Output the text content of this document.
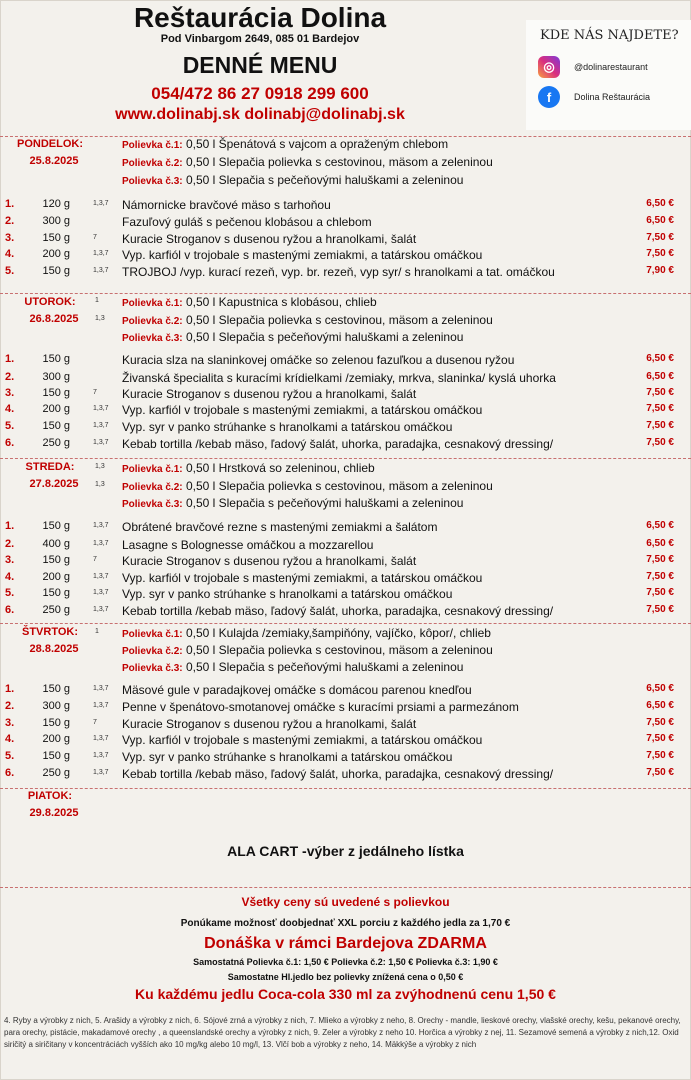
Reštaurácia Dolina
Pod Vinbargom 2649, 085 01 Bardejov
DENNÉ MENU
054/472 86 27 0918 299 600
www.dolinabj.sk dolinabj@dolinabj.sk
KDE NÁS NAJDETE?
◎	@dolinarestaurant
f	Dolina Reštaurácia
PONDELOK:
25.8.2025
Polievka č.1: 0,50 l Špenátová s vajcom a opraženým chlebom
Polievka č.2: 0,50 l Slepačia polievka s cestovinou, mäsom a zeleninou
Polievka č.3: 0,50 l Slepačia s pečeňovými haluškami a zeleninou
1.	120 g	1,3,7 Námornicke bravčové mäso s tarhoňou	6,50 €
2.	300 g	Fazuľový guláš s pečenou klobásou a chlebom	6,50 €
3.	150 g	7 Kuracie Stroganov s dusenou ryžou a hranolkami, šalát	7,50 €
4.	200 g	1,3,7 Vyp. karfiól v trojobale s mastenými zemiakmi, a tatárskou omáčkou	7,50 €
5.	150 g	1,3,7 TROJBOJ /vyp. kurací rezeň, vyp. br. rezeň, vyp syr/ s hranolkami a tat. omáčkou	7,90 €
UTOROK:
26.8.2025
1 Polievka č.1: 0,50 l Kapustnica s klobásou, chlieb
1,3 Polievka č.2: 0,50 l Slepačia polievka s cestovinou, mäsom a zeleninou
Polievka č.3: 0,50 l Slepačia s pečeňovými haluškami a zeleninou
1.	150 g	Kuracia slza na slaninkovej omáčke so zelenou fazuľkou a dusenou ryžou	6,50 €
2.	300 g	Živanská špecialita s kuracími krídielkami /zemiaky, mrkva, slaninka/ kyslá uhorka	6,50 €
3.	150 g	7 Kuracie Stroganov s dusenou ryžou a hranolkami, šalát	7,50 €
4.	200 g	1,3,7 Vyp. karfiól v trojobale s mastenými zemiakmi, a tatárskou omáčkou	7,50 €
5.	150 g	1,3,7 Vyp. syr v panko strúhanke s hranolkami a tatárskou omáčkou	7,50 €
6.	250 g	1,3,7 Kebab tortilla /kebab mäso, ľadový šalát, uhorka, paradajka, cesnakový dressing/	7,50 €
STREDA:
27.8.2025
1,3 Polievka č.1: 0,50 l Hrstková so zeleninou, chlieb
1,3 Polievka č.2: 0,50 l Slepačia polievka s cestovinou, mäsom a zeleninou
Polievka č.3: 0,50 l Slepačia s pečeňovými haluškami a zeleninou
1.	150 g	1,3,7 Obrátené bravčové rezne s mastenými zemiakmi a šalátom	6,50 €
2.	400 g	1,3,7 Lasagne s Bolognesse omáčkou a mozzarellou	6,50 €
3.	150 g	7 Kuracie Stroganov s dusenou ryžou a hranolkami, šalát	7,50 €
4.	200 g	1,3,7 Vyp. karfiól v trojobale s mastenými zemiakmi, a tatárskou omáčkou	7,50 €
5.	150 g	1,3,7 Vyp. syr v panko strúhanke s hranolkami a tatárskou omáčkou	7,50 €
6.	250 g	1,3,7 Kebab tortilla /kebab mäso, ľadový šalát, uhorka, paradajka, cesnakový dressing/	7,50 €
ŠTVRTOK:
28.8.2025
1 Polievka č.1: 0,50 l Kulajda /zemiaky,šampiňóny, vajíčko, kôpor/, chlieb
Polievka č.2: 0,50 l Slepačia polievka s cestovinou, mäsom a zeleninou
Polievka č.3: 0,50 l Slepačia s pečeňovými haluškami a zeleninou
1.	150 g	1,3,7 Mäsové gule v paradajkovej omáčke s domácou parenou knedľou	6,50 €
2.	300 g	1,3,7 Penne v špenátovo-smotanovej omáčke s kuracími prsiami a parmezánom	6,50 €
3.	150 g	7 Kuracie Stroganov s dusenou ryžou a hranolkami, šalát	7,50 €
4.	200 g	1,3,7 Vyp. karfiól v trojobale s mastenými zemiakmi, a tatárskou omáčkou	7,50 €
5.	150 g	1,3,7 Vyp. syr v panko strúhanke s hranolkami a tatárskou omáčkou	7,50 €
6.	250 g	1,3,7 Kebab tortilla /kebab mäso, ľadový šalát, uhorka, paradajka, cesnakový dressing/	7,50 €
PIATOK:
29.8.2025
ALA CART -výber z jedálneho lístka
Všetky ceny sú uvedené s polievkou
Ponúkame možnosť doobjednať XXL porciu z každého jedla za 1,70 €
Donáška v rámci Bardejova ZDARMA
Samostatná Polievka č.1: 1,50 € Polievka č.2: 1,50 € Polievka č.3: 1,90 €
Samostatne Hl.jedlo bez polievky znížená cena o 0,50 €
Ku každému jedlu Coca-cola 330 ml za zvýhodnenú cenu 1,50 €
4. Ryby a výrobky z nich, 5. Arašidy a výrobky z nich, 6. Sójové zrná a výrobky z nich, 7. Mlieko a výrobky z neho, 8. Orechy - mandle, lieskové orechy, vlašské orechy, kešu, pekanové orechy, para orechy, pistácie, makadamové orechy , a queenslandské orechy a výrobky z nich, 9. Zeler a výrobky z neho 10. Horčica a výrobky z nej, 11. Sezamové semená a výrobky z nich,12. Oxid siričitý a siričitany v koncentráciách vyšších ako 10 mg/kg alebo 10 mg/l, 13. Vlčí bob a výrobky z neho, 14. Mäkkýše a výrobky z nich
